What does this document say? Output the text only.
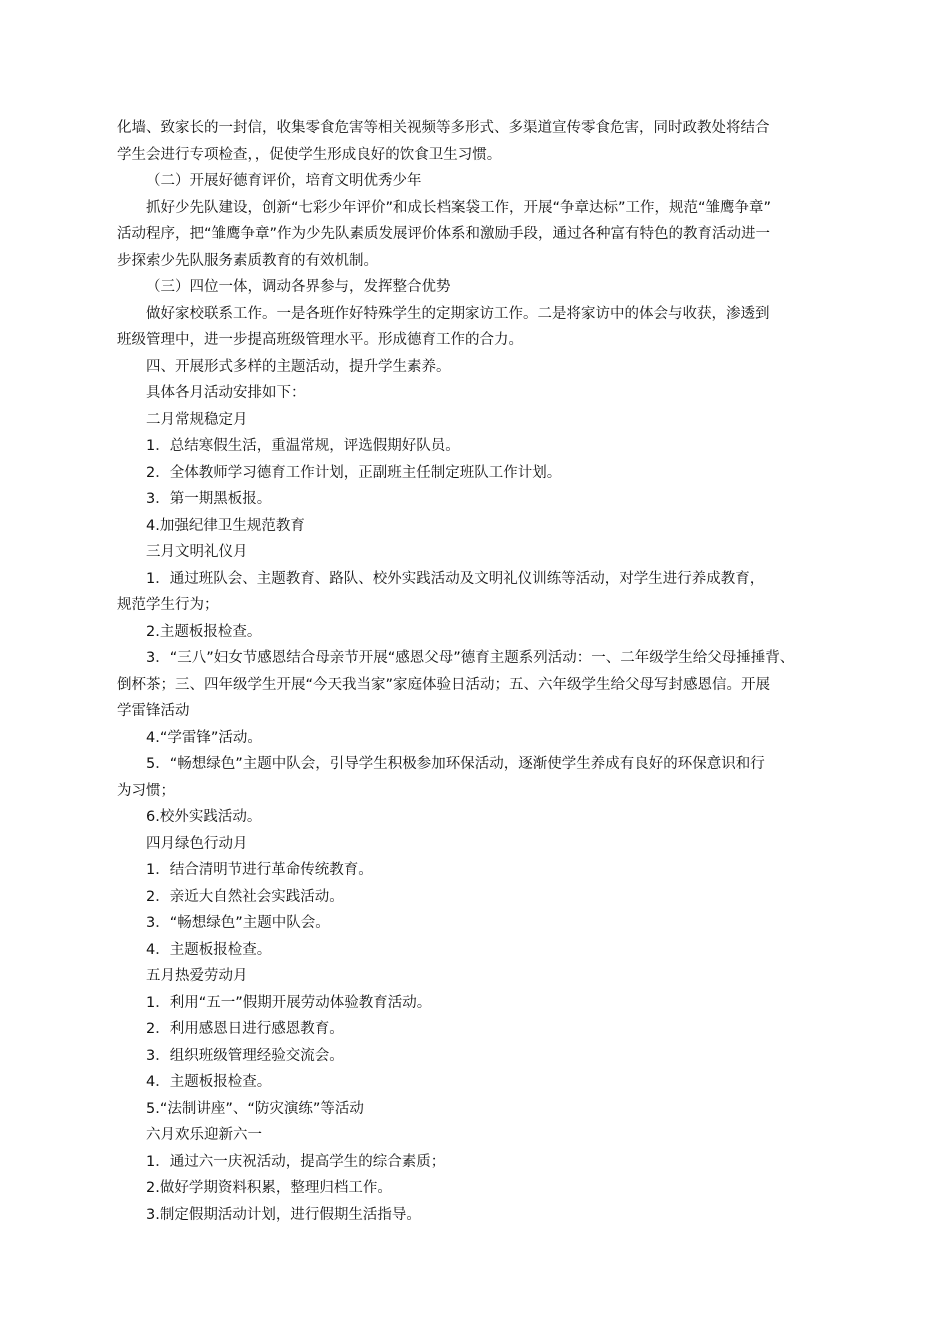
化墙、致家长的一封信，收集零食危害等相关视频等多形式、多渠道宣传零食危害，同时政教处将结合
学生会进行专项检查，，促使学生形成良好的饮食卫生习惯。
（二）开展好德育评价，培育文明优秀少年
抓好少先队建设，创新“七彩少年评价”和成长档案袋工作，开展“争章达标”工作，规范“雏鹰争章”
活动程序，把“雏鹰争章”作为少先队素质发展评价体系和激励手段，通过各种富有特色的教育活动进一
步探索少先队服务素质教育的有效机制。
（三）四位一体，调动各界参与，发挥整合优势
做好家校联系工作。一是各班作好特殊学生的定期家访工作。二是将家访中的体会与收获，渗透到
班级管理中，进一步提高班级管理水平。形成德育工作的合力。
四、开展形式多样的主题活动，提升学生素养。
具体各月活动安排如下：
二月常规稳定月
1．总结寒假生活，重温常规，评选假期好队员。
2．全体教师学习德育工作计划，正副班主任制定班队工作计划。
3．第一期黑板报。
4.加强纪律卫生规范教育
三月文明礼仪月
1．通过班队会、主题教育、路队、校外实践活动及文明礼仪训练等活动，对学生进行养成教育，
规范学生行为；
2.主题板报检查。
3．“三八”妇女节感恩结合母亲节开展“感恩父母”德育主题系列活动：一、二年级学生给父母捶捶背、
倒杯茶；三、四年级学生开展“今天我当家”家庭体验日活动；五、六年级学生给父母写封感恩信。开展
学雷锋活动
4.“学雷锋”活动。
5．“畅想绿色”主题中队会，引导学生积极参加环保活动，逐渐使学生养成有良好的环保意识和行
为习惯；
6.校外实践活动。
四月绿色行动月
1．结合清明节进行革命传统教育。
2．亲近大自然社会实践活动。
3．“畅想绿色”主题中队会。
4．主题板报检查。
五月热爱劳动月
1．利用“五一”假期开展劳动体验教育活动。
2．利用感恩日进行感恩教育。
3．组织班级管理经验交流会。
4．主题板报检查。
5.“法制讲座”、“防灾演练”等活动
六月欢乐迎新六一
1．通过六一庆祝活动，提高学生的综合素质；
2.做好学期资料积累，整理归档工作。
3.制定假期活动计划，进行假期生活指导。
